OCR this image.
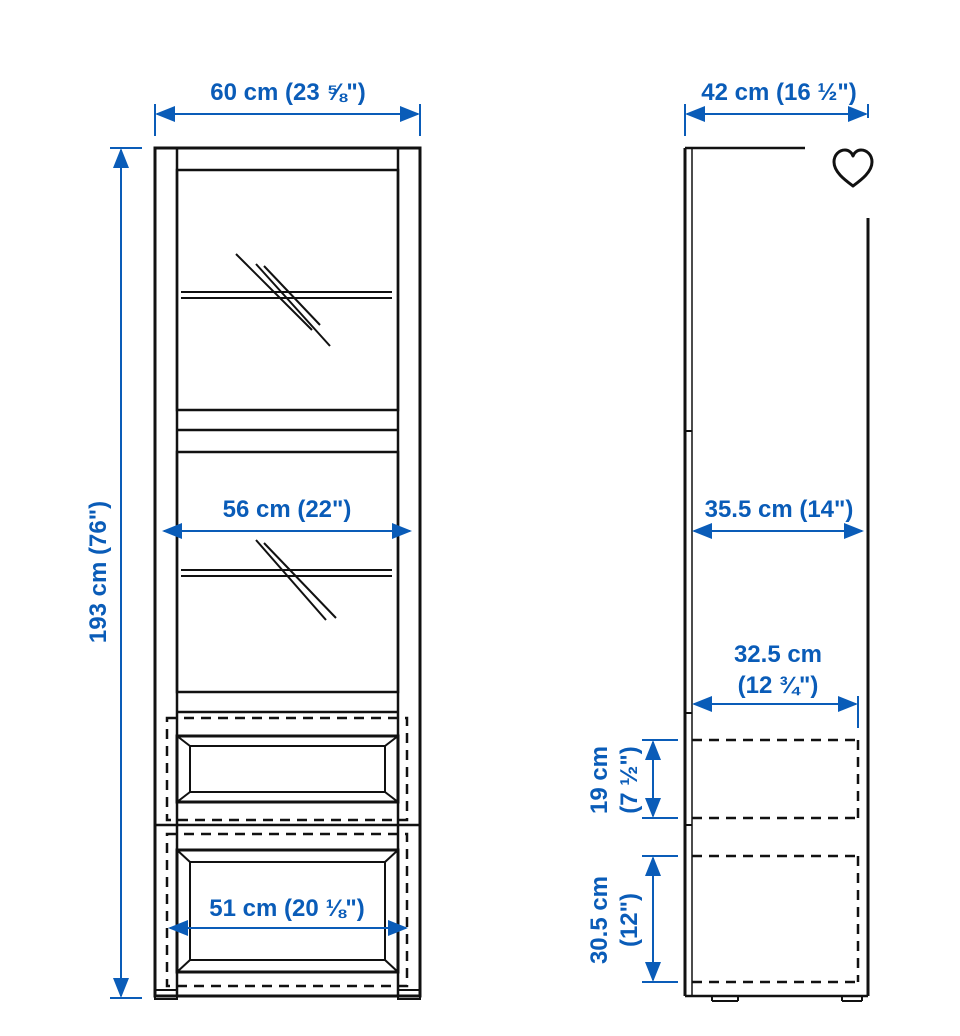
60 cm (23 ⅝")
193 cm (76")	56 cm (22")
51 cm (20 ⅛")
42 cm (16 ½")
35.5 cm (14")
32.5 cm
(12 ¾")
19 cm (7 ½")
30.5 cm (12")
